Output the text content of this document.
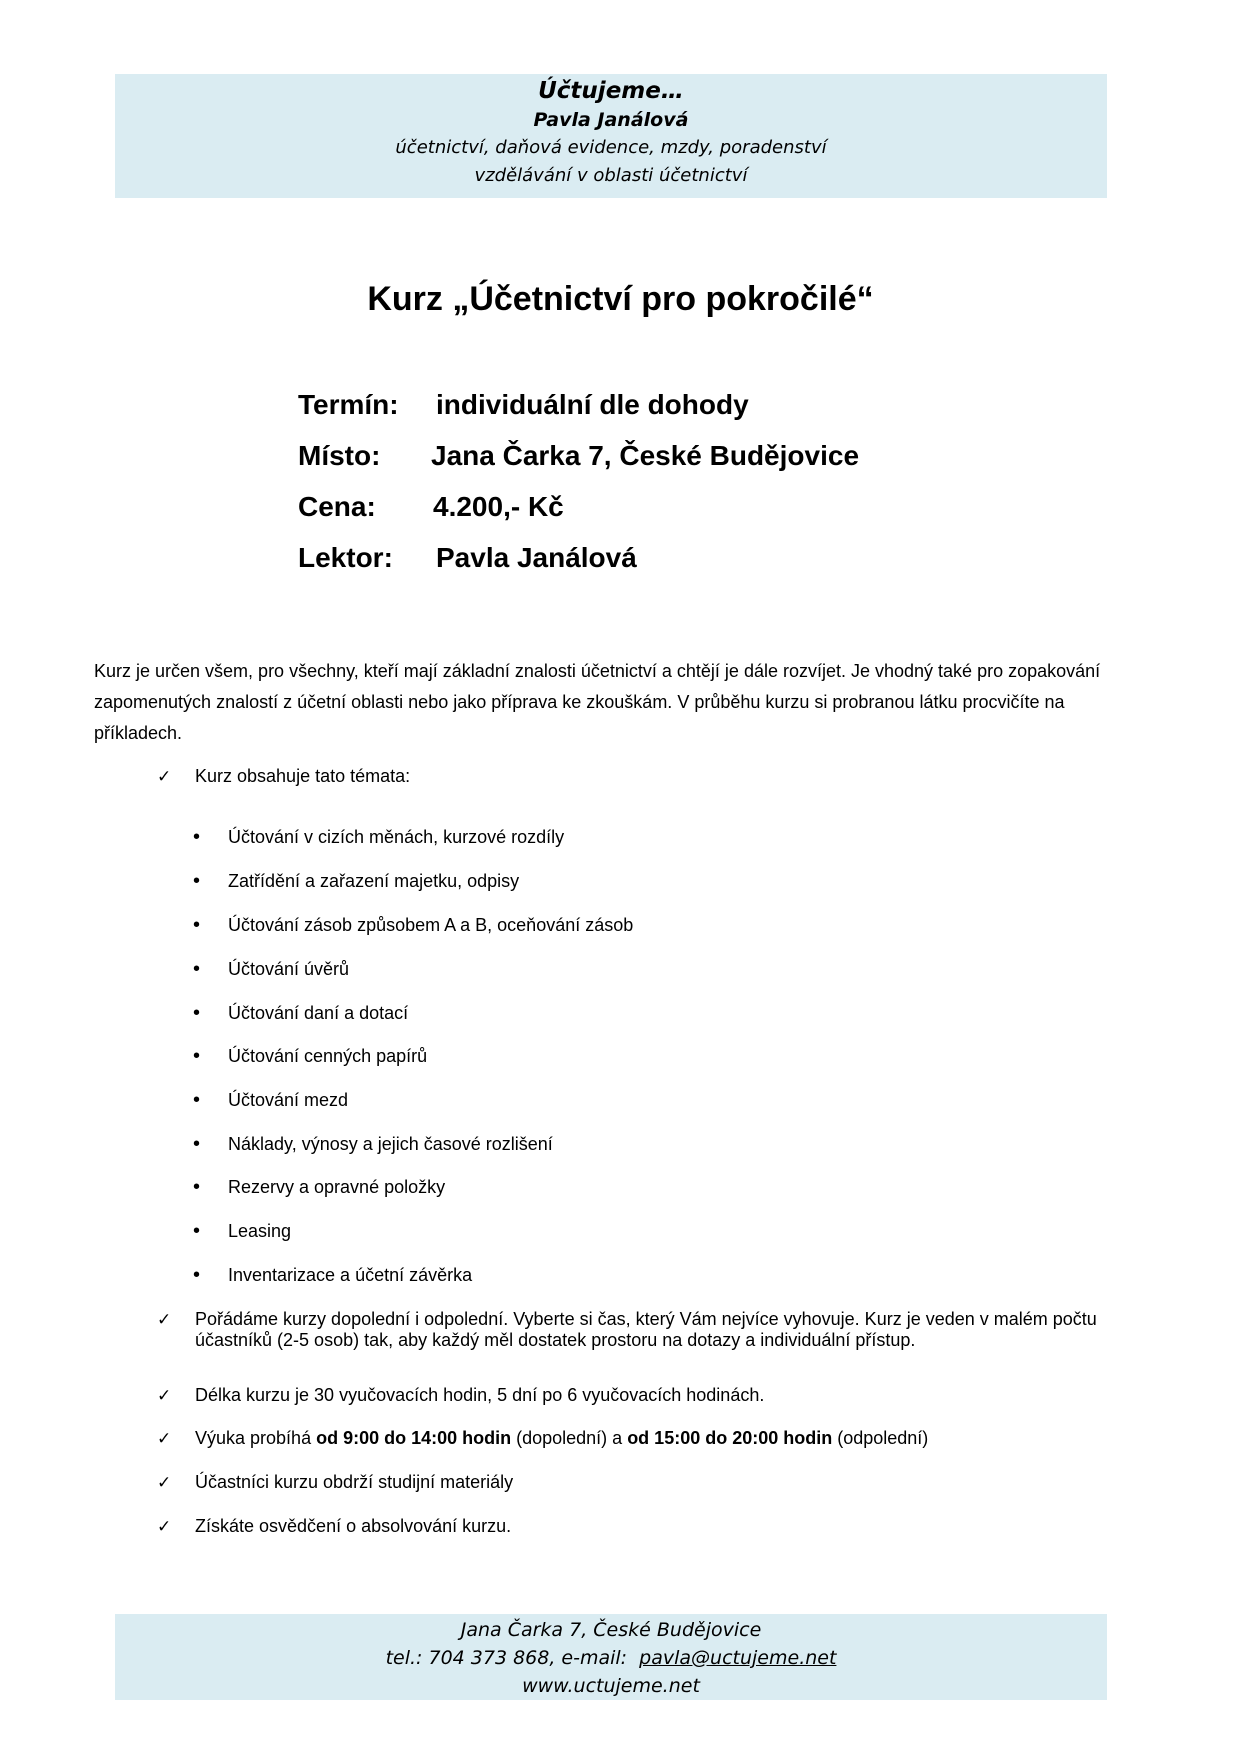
Účtujeme…
Pavla Janálová
účetnictví, daňová evidence, mzdy, poradenství
vzdělávání v oblasti účetnictví
Kurz „Účetnictví pro pokročilé“
Termín: individuální dle dohody
Místo: Jana Čarka 7, České Budějovice
Cena: 4.200,- Kč
Lektor: Pavla Janálová
Kurz je určen všem, pro všechny, kteří mají základní znalosti účetnictví a chtějí je dále rozvíjet. Je vhodný také pro zopakování zapomenutých znalostí z účetní oblasti nebo jako příprava ke zkouškám. V průběhu kurzu si probranou látku procvičíte na příkladech.
✓ Kurz obsahuje tato témata:
• Účtování v cizích měnách, kurzové rozdíly
• Zatřídění a zařazení majetku, odpisy
• Účtování zásob způsobem A a B, oceňování zásob
• Účtování úvěrů
• Účtování daní a dotací
• Účtování cenných papírů
• Účtování mezd
• Náklady, výnosy a jejich časové rozlišení
• Rezervy a opravné položky
• Leasing
• Inventarizace a účetní závěrka
✓ Pořádáme kurzy dopolední i odpolední. Vyberte si čas, který Vám nejvíce vyhovuje. Kurz je veden v malém počtu účastníků (2-5 osob) tak, aby každý měl dostatek prostoru na dotazy a individuální přístup.
✓ Délka kurzu je 30 vyučovacích hodin, 5 dní po 6 vyučovacích hodinách.
✓ Výuka probíhá od 9:00 do 14:00 hodin (dopolední) a od 15:00 do 20:00 hodin (odpolední)
✓ Účastníci kurzu obdrží studijní materiály
✓ Získáte osvědčení o absolvování kurzu.
Jana Čarka 7, České Budějovice
tel.: 704 373 868, e-mail:  pavla@uctujeme.net
www.uctujeme.net
